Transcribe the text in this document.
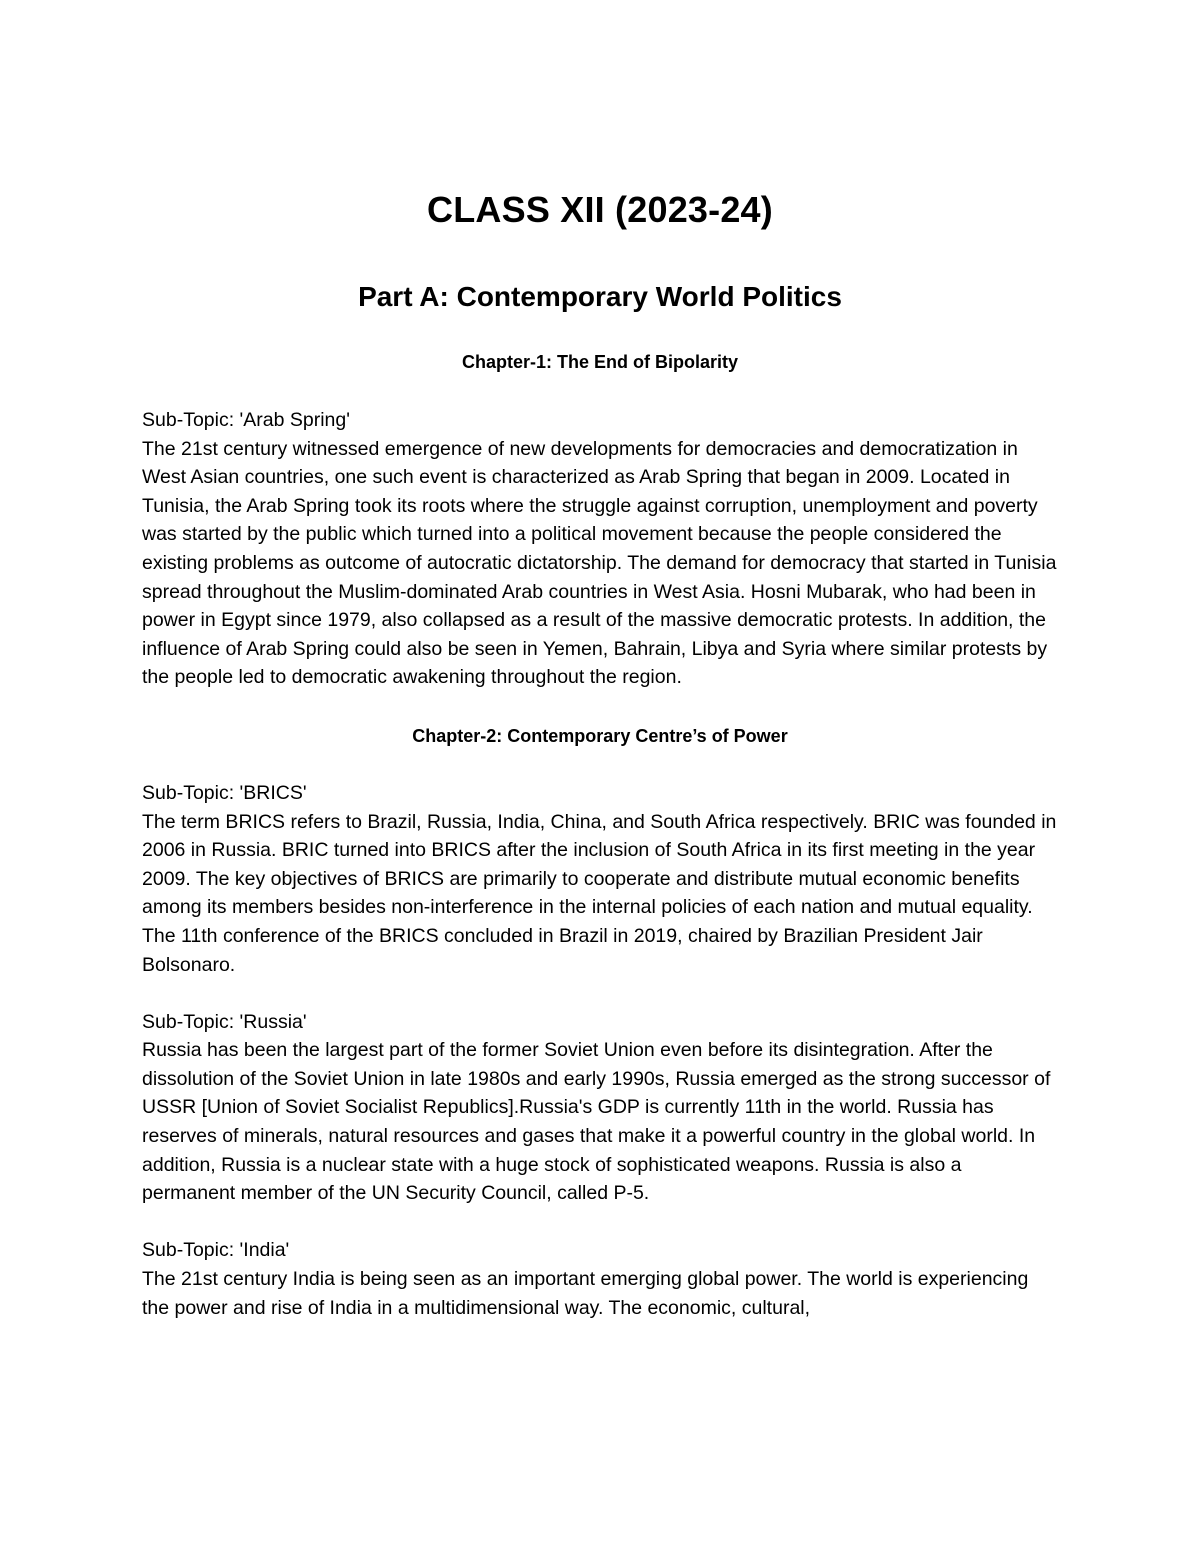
CLASS XII (2023-24)
Part A: Contemporary World Politics
Chapter-1: The End of Bipolarity
Sub-Topic: 'Arab Spring'
The 21st century witnessed emergence of new developments for democracies and democratization in West Asian countries, one such event is characterized as Arab Spring that began in 2009. Located in Tunisia, the Arab Spring took its roots where the struggle against corruption, unemployment and poverty was started by the public which turned into a political movement because the people considered the existing problems as outcome of autocratic dictatorship. The demand for democracy that started in Tunisia spread throughout the Muslim-dominated Arab countries in West Asia. Hosni Mubarak, who had been in power in Egypt since 1979, also collapsed as a result of the massive democratic protests. In addition, the influence of Arab Spring could also be seen in Yemen, Bahrain, Libya and Syria where similar protests by the people led to democratic awakening throughout the region.
Chapter-2: Contemporary Centre’s of Power
Sub-Topic: 'BRICS'
The term BRICS refers to Brazil, Russia, India, China, and South Africa respectively. BRIC was founded in 2006 in Russia. BRIC turned into BRICS after the inclusion of South Africa in its first meeting in the year 2009. The key objectives of BRICS are primarily to cooperate and distribute mutual economic benefits among its members besides non-interference in the internal policies of each nation and mutual equality. The 11th conference of the BRICS concluded in Brazil in 2019, chaired by Brazilian President Jair Bolsonaro.
Sub-Topic: 'Russia'
Russia has been the largest part of the former Soviet Union even before its disintegration. After the dissolution of the Soviet Union in late 1980s and early 1990s, Russia emerged as the strong successor of USSR [Union of Soviet Socialist Republics].Russia's GDP is currently 11th in the world. Russia has reserves of minerals, natural resources and gases that make it a powerful country in the global world. In addition, Russia is a nuclear state with a huge stock of sophisticated weapons. Russia is also a permanent member of the UN Security Council, called P-5.
Sub-Topic: 'India'
The 21st century India is being seen as an important emerging global power. The world is experiencing the power and rise of India in a multidimensional way. The economic, cultural,
